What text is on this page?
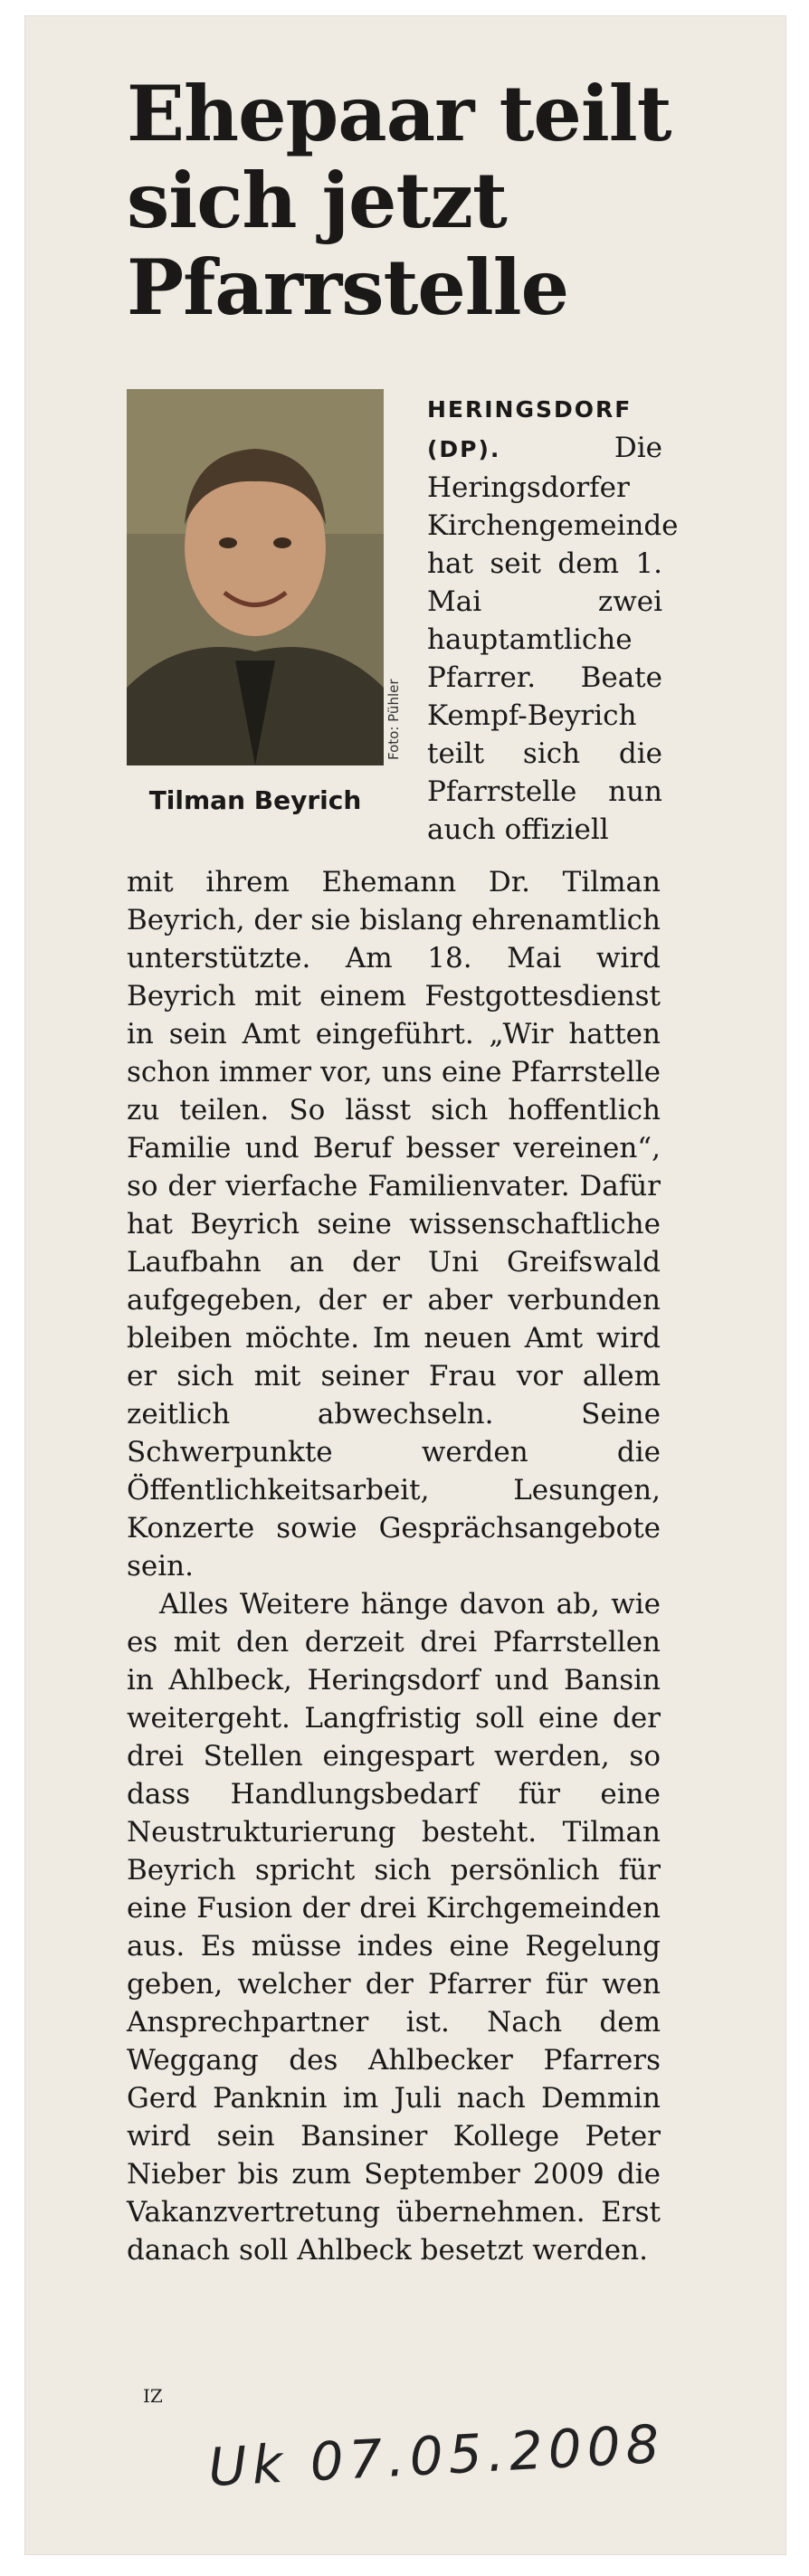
Ehepaar teilt sich jetzt Pfarrstelle
Foto: Pühler
Tilman Beyrich

HERINGSDORF (DP).	Die Heringsdorfer Kirchengemeinde hat seit dem 1. Mai zwei hauptamtliche Pfarrer. Beate Kempf-Beyrich teilt sich die Pfarrstelle nun auch offiziell

mit ihrem Ehemann Dr. Tilman Beyrich, der sie bislang ehrenamtlich unterstützte. Am 18. Mai wird Beyrich mit einem Festgottesdienst in sein Amt eingeführt. „Wir hatten schon immer vor, uns eine Pfarrstelle zu teilen. So lässt sich hoffentlich Familie und Beruf besser vereinen“, so der vierfache Familienvater. Dafür hat Beyrich seine wissenschaftliche Laufbahn an der Uni Greifswald aufgegeben, der er aber verbunden bleiben möchte. Im neuen Amt wird er sich mit seiner Frau vor allem zeitlich abwechseln. Seine Schwerpunkte werden die Öffentlichkeitsarbeit, Lesungen, Konzerte sowie Gesprächsangebote sein.

Alles Weitere hänge davon ab, wie es mit den derzeit drei Pfarrstellen in Ahlbeck, Heringsdorf und Bansin weitergeht. Langfristig soll eine der drei Stellen eingespart werden, so dass Handlungsbedarf für eine Neustrukturierung besteht. Tilman Beyrich spricht sich persönlich für eine Fusion der drei Kirchgemeinden aus. Es müsse indes eine Regelung geben, welcher der Pfarrer für wen Ansprechpartner ist. Nach dem Weggang des Ahlbecker Pfarrers Gerd Panknin im Juli nach Demmin wird sein Bansiner Kollege Peter Nieber bis zum September 2009 die Vakanzvertretung übernehmen. Erst danach soll Ahlbeck besetzt werden.

IZ
Uk 07.05.2008
